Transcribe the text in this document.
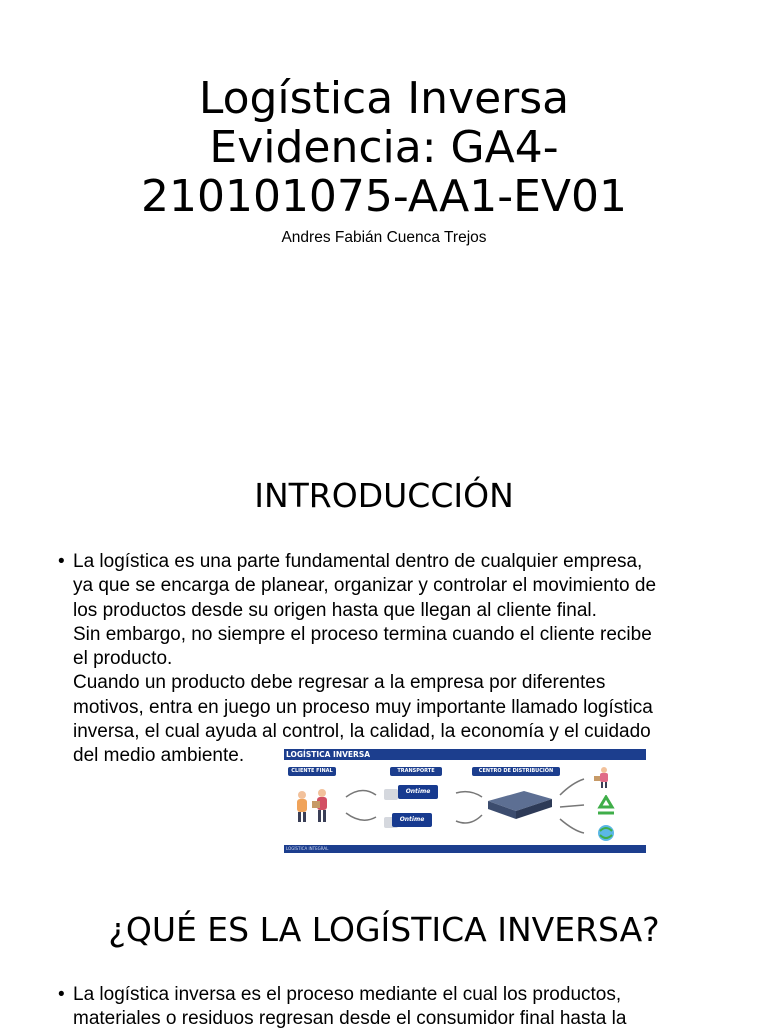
Logística Inversa
Evidencia: GA4-
210101075-AA1-EV01
Andres Fabián Cuenca Trejos
INTRODUCCIÓN
• La logística es una parte fundamental dentro de cualquier empresa,
ya que se encarga de planear, organizar y controlar el movimiento de
los productos desde su origen hasta que llegan al cliente final.
Sin embargo, no siempre el proceso termina cuando el cliente recibe
el producto.
Cuando un producto debe regresar a la empresa por diferentes
motivos, entra en juego un proceso muy importante llamado logística
inversa, el cual ayuda al control, la calidad, la economía y el cuidado
del medio ambiente.	LOGÍSTICA INVERSA
CLIENTE FINAL	TRANSPORTE	CENTRO DE DISTRIBUCIÓN
Ontime
Ontime
LOGÍSTICA INTEGRAL
¿QUÉ ES LA LOGÍSTICA INVERSA?
• La logística inversa es el proceso mediante el cual los productos,
materiales o residuos regresan desde el consumidor final hasta la
